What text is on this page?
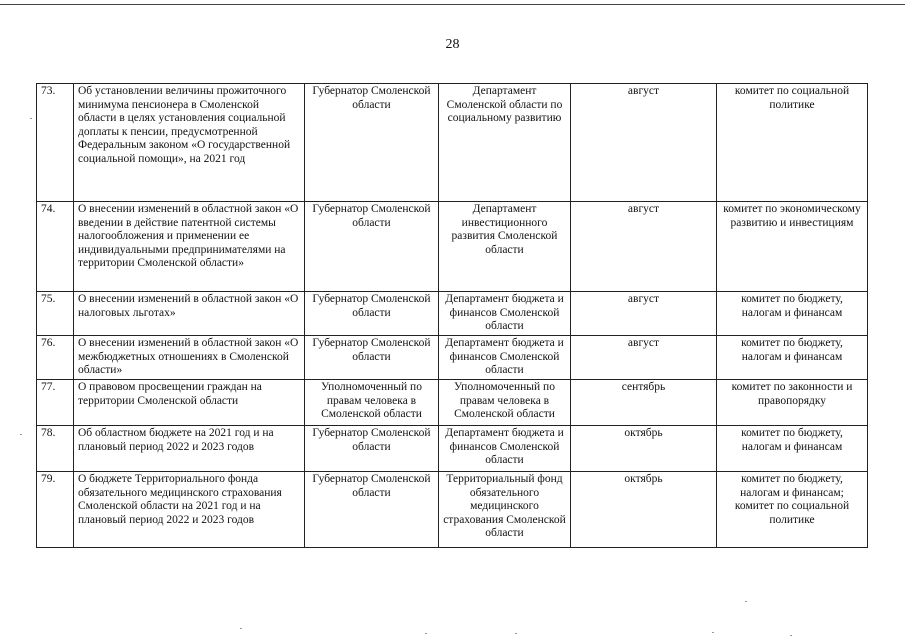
28
73.	Об установлении величины прожиточного минимума пенсионера в Смоленской области в целях установления социальной доплаты к пенсии, предусмотренной Федеральным законом «О государственной социальной помощи», на 2021 год	Губернатор Смоленской области	Департамент Смоленской области по социальному развитию	август	комитет по социальной политике
74.	О внесении изменений в областной закон «О введении в действие патентной системы налогообложения и применении ее индивидуальными предпринимателями на территории Смоленской области»	Губернатор Смоленской области	Департамент инвестиционного развития Смоленской области	август	комитет по экономическому развитию и инвестициям
75.	О внесении изменений в областной закон «О налоговых льготах»	Губернатор Смоленской области	Департамент бюджета и финансов Смоленской области	август	комитет по бюджету, налогам и финансам
76.	О внесении изменений в областной закон «О межбюджетных отношениях в Смоленской области»	Губернатор Смоленской области	Департамент бюджета и финансов Смоленской области	август	комитет по бюджету, налогам и финансам
77.	О правовом просвещении граждан на территории Смоленской области	Уполномоченный по правам человека в Смоленской области	Уполномоченный по правам человека в Смоленской области	сентябрь	комитет по законности и правопорядку
78.	Об областном бюджете на 2021 год и на плановый период 2022 и 2023 годов	Губернатор Смоленской области	Департамент бюджета и финансов Смоленской области	октябрь	комитет по бюджету, налогам и финансам
79.	О бюджете Территориального фонда обязательного медицинского страхования Смоленской области на 2021 год и на плановый период 2022 и 2023 годов	Губернатор Смоленской области	Территориальный фонд обязательного медицинского страхования Смоленской области	октябрь	комитет по бюджету, налогам и финансам; комитет по социальной политике
